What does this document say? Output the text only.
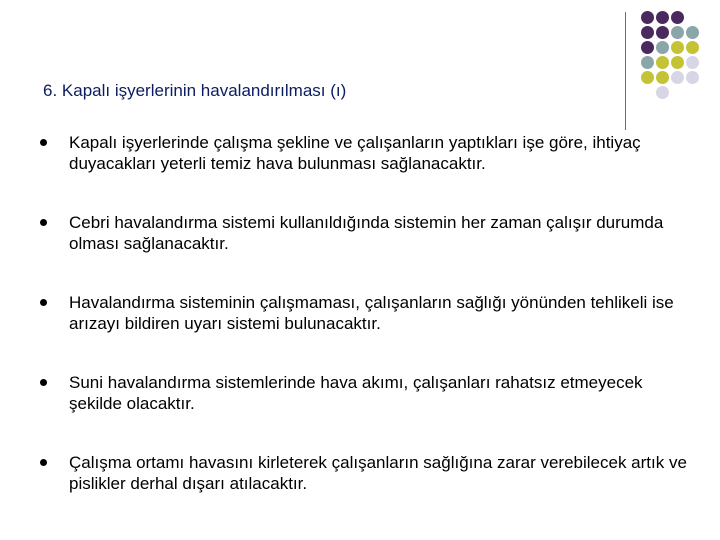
6. Kapalı işyerlerinin havalandırılması (ı)
Kapalı işyerlerinde çalışma şekline ve çalışanların yaptıkları işe göre, ihtiyaç duyacakları yeterli temiz hava bulunması sağlanacaktır.
Cebri havalandırma sistemi kullanıldığında sistemin her zaman çalışır durumda olması sağlanacaktır.
Havalandırma sisteminin çalışmaması, çalışanların sağlığı yönünden tehlikeli ise arızayı bildiren uyarı sistemi bulunacaktır.
Suni havalandırma sistemlerinde hava akımı, çalışanları rahatsız etmeyecek şekilde olacaktır.
Çalışma ortamı havasını kirleterek çalışanların sağlığına zarar verebilecek artık ve pislikler derhal dışarı atılacaktır.
